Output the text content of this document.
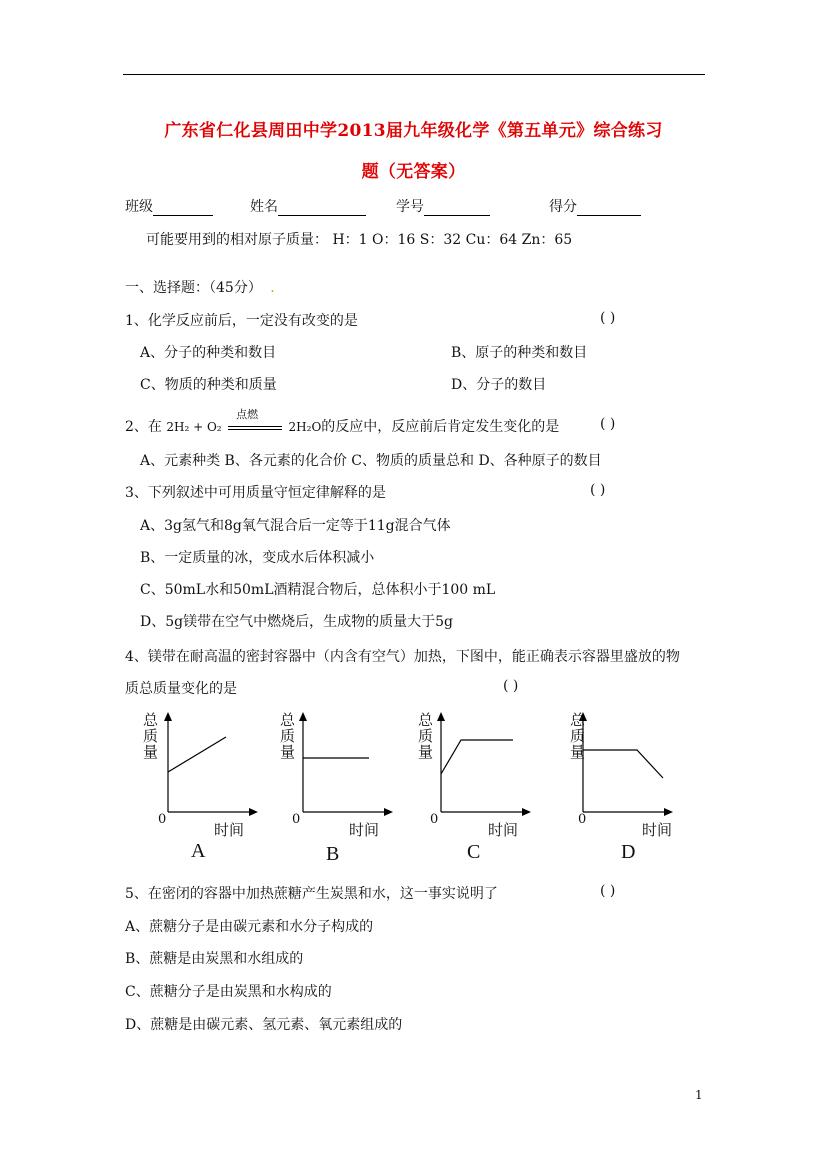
广东省仁化县周田中学2013届九年级化学《第五单元》综合练习
题（无答案）
班级	姓名	学号	得分
可能要用到的相对原子质量： H：1 O：16 S：32 Cu：64 Zn：65
一、选择题：（45分） .
1、化学反应前后，一定没有改变的是	( )
A、分子的种类和数目	B、原子的种类和数目
C、物质的种类和质量	D、分子的数目
2、在 2H₂ + O₂
点燃
2H₂O的反应中，反应前后肯定发生变化的是	( )
A、元素种类 B、各元素的化合价 C、物质的质量总和 D、各种原子的数目
3、下列叙述中可用质量守恒定律解释的是	( )
A、3g氢气和8g氧气混合后一定等于11g混合气体
B、一定质量的冰，变成水后体积减小
C、50mL水和50mL酒精混合物后，总体积小于100 mL
D、5g镁带在空气中燃烧后，生成物的质量大于5g
4、镁带在耐高温的密封容器中（内含有空气）加热，下图中，能正确表示容器里盛放的物
质总质量变化的是	( )
总
质
量
0
时间
A
总
质
量
0
时间
B
总
质
量
0
时间
C
总
质
量
0
时间
D
5、在密闭的容器中加热蔗糖产生炭黑和水，这一事实说明了	( )
A、蔗糖分子是由碳元素和水分子构成的
B、蔗糖是由炭黑和水组成的
C、蔗糖分子是由炭黑和水构成的
D、蔗糖是由碳元素、氢元素、氧元素组成的
1
